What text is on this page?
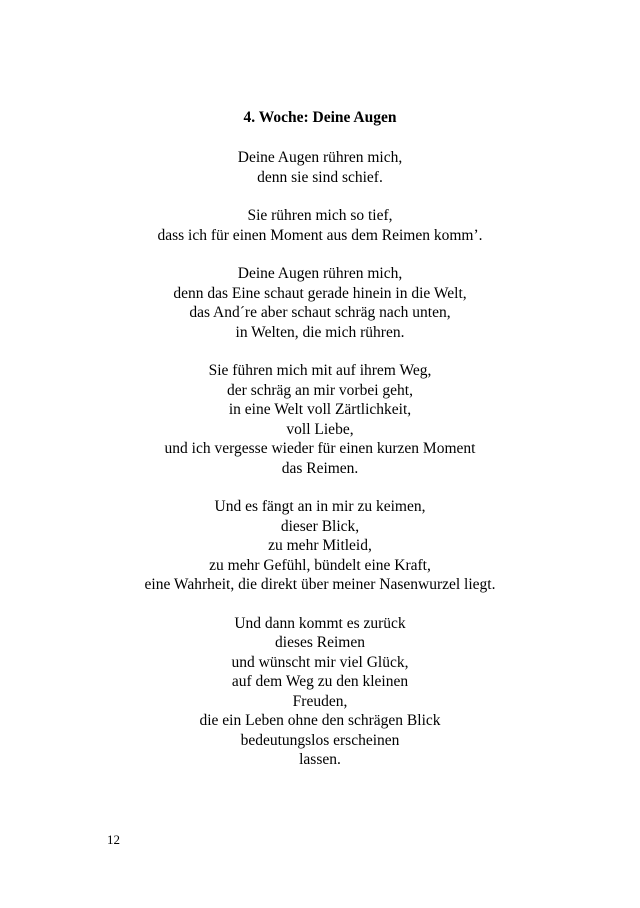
4. Woche: Deine Augen
Deine Augen rühren mich,
denn sie sind schief.
Sie rühren mich so tief,
dass ich für einen Moment aus dem Reimen komm’.
Deine Augen rühren mich,
denn das Eine schaut gerade hinein in die Welt,
das And´re aber schaut schräg nach unten,
in Welten, die mich rühren.
Sie führen mich mit auf ihrem Weg,
der schräg an mir vorbei geht,
in eine Welt voll Zärtlichkeit,
voll Liebe,
und ich vergesse wieder für einen kurzen Moment
das Reimen.
Und es fängt an in mir zu keimen,
dieser Blick,
zu mehr Mitleid,
zu mehr Gefühl, bündelt eine Kraft,
eine Wahrheit, die direkt über meiner Nasenwurzel liegt.
Und dann kommt es zurück
dieses Reimen
und wünscht mir viel Glück,
auf dem Weg zu den kleinen
Freuden,
die ein Leben ohne den schrägen Blick
bedeutungslos erscheinen
lassen.
12
